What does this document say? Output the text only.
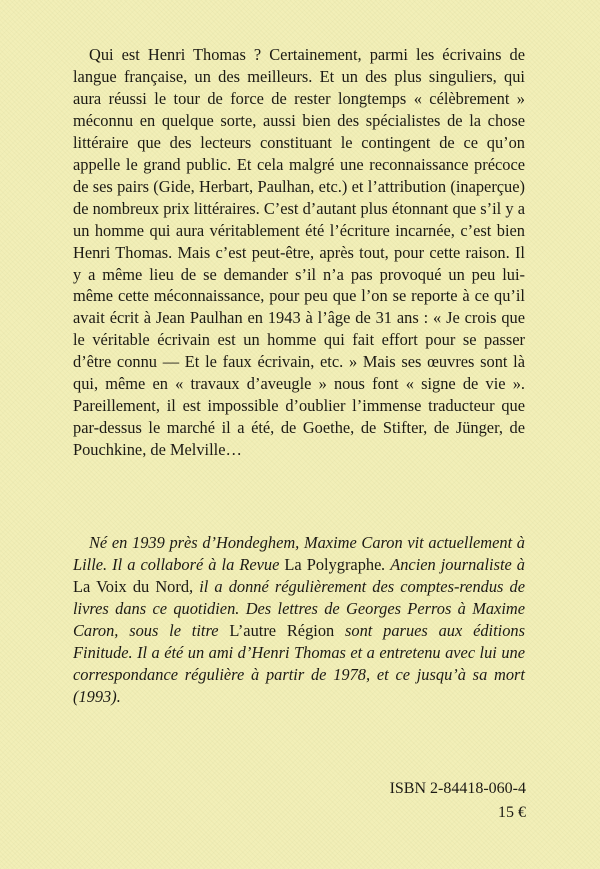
Qui est Henri Thomas ? Certainement, parmi les écrivains de langue française, un des meilleurs. Et un des plus singuliers, qui aura réussi le tour de force de rester longtemps « célèbrement » méconnu en quelque sorte, aussi bien des spécialistes de la chose littéraire que des lecteurs constituant le contingent de ce qu’on appelle le grand public. Et cela malgré une reconnaissance précoce de ses pairs (Gide, Herbart, Paulhan, etc.) et l’attribution (inaperçue) de nombreux prix littéraires. C’est d’autant plus étonnant que s’il y a un homme qui aura véritablement été l’écriture incarnée, c’est bien Henri Thomas. Mais c’est peut-être, après tout, pour cette raison. Il y a même lieu de se demander s’il n’a pas provoqué un peu lui-même cette méconnaissance, pour peu que l’on se reporte à ce qu’il avait écrit à Jean Paulhan en 1943 à l’âge de 31 ans : « Je crois que le véritable écrivain est un homme qui fait effort pour se passer d’être connu — Et le faux écrivain, etc. » Mais ses œuvres sont là qui, même en « travaux d’aveugle » nous font « signe de vie ». Pareillement, il est impossible d’oublier l’immense traducteur que par-dessus le marché il a été, de Goethe, de Stifter, de Jünger, de Pouchkine, de Melville…

Né en 1939 près d’Hondeghem, Maxime Caron vit actuellement à Lille. Il a collaboré à la Revue La Polygraphe. Ancien journaliste à La Voix du Nord, il a donné régulièrement des comptes-rendus de livres dans ce quotidien. Des lettres de Georges Perros à Maxime Caron, sous le titre L’autre Région sont parues aux éditions Finitude. Il a été un ami d’Henri Thomas et a entretenu avec lui une correspondance régulière à partir de 1978, et ce jusqu’à sa mort (1993).

ISBN 2-84418-060-4

15 €
